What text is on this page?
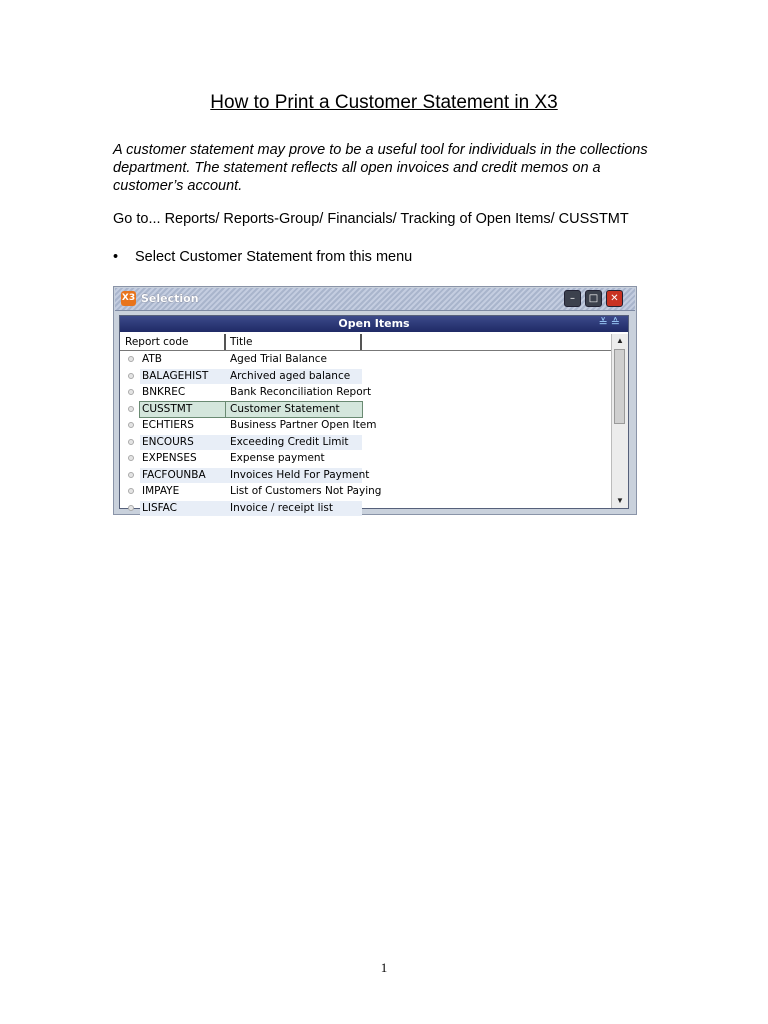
How to Print a Customer Statement in X3

A customer statement may prove to be a useful tool for individuals in the collections department. The statement reflects all open invoices and credit memos on a customer’s account.

Go to... Reports/ Reports-Group/ Financials/ Tracking of Open Items/ CUSSTMT
• Select Customer Statement from this menu
X3 Selection	–	□	✕
Open Items	≚ ≙
Report code	Title
ATB	Aged Trial Balance
BALAGEHIST	Archived aged balance
BNKREC	Bank Reconciliation Report
CUSSTMT	Customer Statement
ECHTIERS	Business Partner Open Item
ENCOURS	Exceeding Credit Limit
EXPENSES	Expense payment
FACFOUNBA	Invoices Held For Payment
IMPAYE	List of Customers Not Paying
LISFAC	Invoice / receipt list
▲
▼
1
